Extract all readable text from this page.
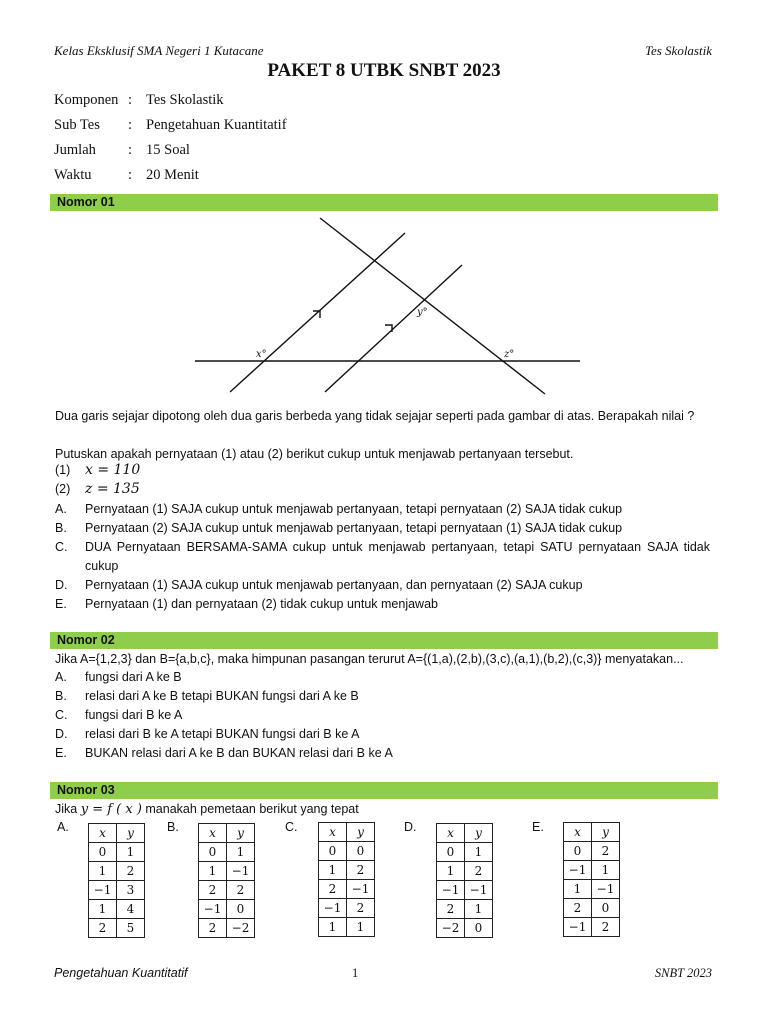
Kelas Eksklusif SMA Negeri 1 Kutacane	Tes Skolastik
PAKET 8 UTBK SNBT 2023
Komponen : Tes Skolastik
Sub Tes	: Pengetahuan Kuantitatif
Jumlah	: 15 Soal
Waktu	: 20 Menit
Nomor 01
x°
y°
z°
Dua garis sejajar dipotong oleh dua garis berbeda yang tidak sejajar seperti pada gambar di atas. Berapakah nilai ?
Putuskan apakah pernyataan (1) atau (2) berikut cukup untuk menjawab pertanyaan tersebut.
(1) x = 110
(2) z = 135
A.	Pernyataan (1) SAJA cukup untuk menjawab pertanyaan, tetapi pernyataan (2) SAJA tidak cukup
B.	Pernyataan (2) SAJA cukup untuk menjawab pertanyaan, tetapi pernyataan (1) SAJA tidak cukup
C.	DUA Pernyataan BERSAMA-SAMA cukup untuk menjawab pertanyaan, tetapi SATU pernyataan SAJA tidak cukup
D.	Pernyataan (1) SAJA cukup untuk menjawab pertanyaan, dan pernyataan (2) SAJA cukup
E.	Pernyataan (1) dan pernyataan (2) tidak cukup untuk menjawab
Nomor 02
Jika A={1,2,3} dan B={a,b,c}, maka himpunan pasangan terurut A={(1,a),(2,b),(3,c),(a,1),(b,2),(c,3)} menyatakan...
A.	fungsi dari A ke B
B.	relasi dari A ke B tetapi BUKAN fungsi dari A ke B
C.	fungsi dari B ke A
D.	relasi dari B ke A tetapi BUKAN fungsi dari B ke A
E.	BUKAN relasi dari A ke B dan BUKAN relasi dari B ke A
Nomor 03
Jika y = f ( x ) manakah pemetaan berikut yang tepat
A.	x	y
0	1
1	2
−1	3
1	4
2	5
B.	x	y
0	1
1	−1
2	2
−1	0
2	−2
C.	x	y
0	0
1	2
2	−1
−1	2
1	1
D.	x	y
0	1
1	2
−1	−1
2	1
−2	0
E.	x	y
0	2
−1	1
1	−1
2	0
−1	2
Pengetahuan Kuantitatif	1	SNBT 2023
